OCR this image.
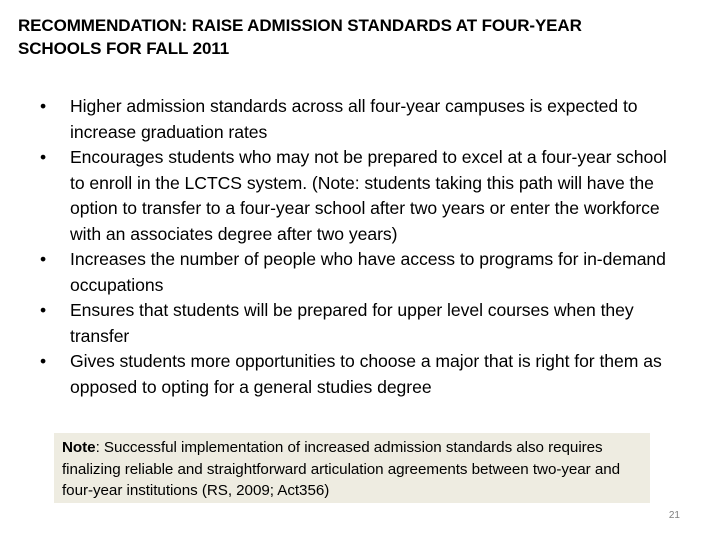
RECOMMENDATION: RAISE ADMISSION STANDARDS AT FOUR-YEAR SCHOOLS FOR FALL 2011
•	Higher admission standards across all four-year campuses is expected to increase graduation rates
•	Encourages students who may not be prepared to excel at a four-year school to enroll in the LCTCS system. (Note: students taking this path will have the option to transfer to a four-year school after two years or enter the workforce with an associates degree after two years)
•	Increases the number of people who have access to programs for in-demand occupations
•	Ensures that students will be prepared for upper level courses when they transfer
•	Gives students more opportunities to choose a major that is right for them as opposed to opting for a general studies degree
Note: Successful implementation of increased admission standards also requires finalizing reliable and straightforward articulation agreements between two-year and four-year institutions (RS, 2009; Act356)
21
